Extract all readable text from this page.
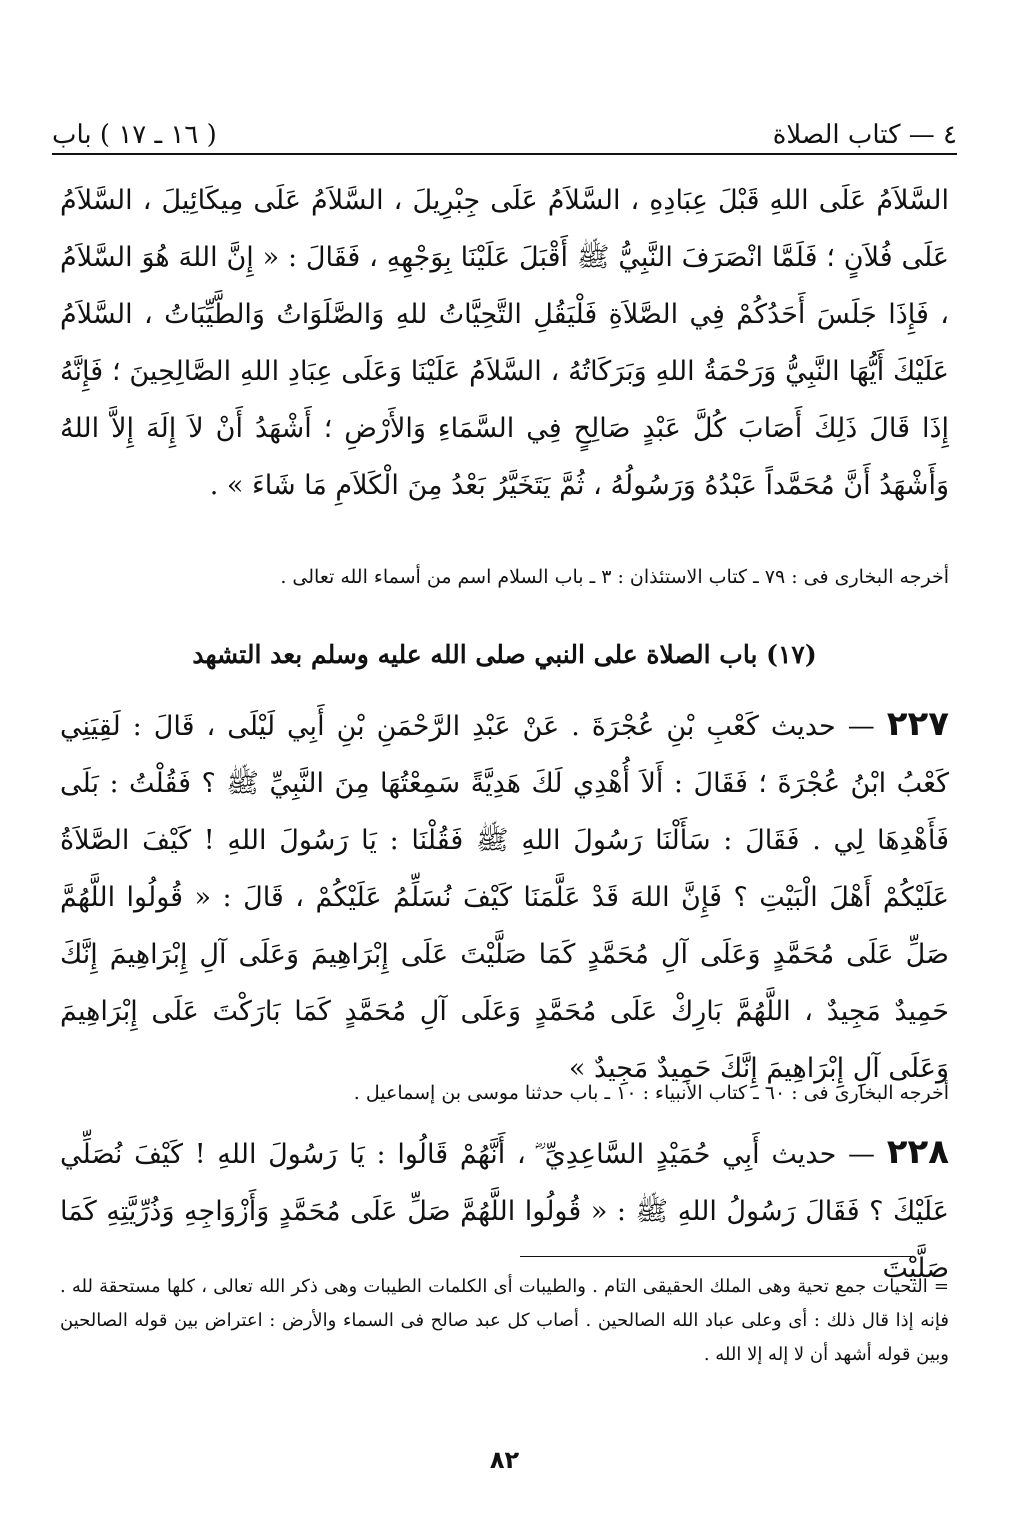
٤ — كتاب الصلاة
( ١٦ ـ ١٧ ) باب
السَّلاَمُ عَلَى اللهِ قَبْلَ عِبَادِهِ ، السَّلاَمُ عَلَى جِبْرِيلَ ، السَّلاَمُ عَلَى مِيكَائِيلَ ، السَّلاَمُ عَلَى فُلاَنٍ ؛ فَلَمَّا انْصَرَفَ النَّبِيُّ ﷺ أَقْبَلَ عَلَيْنَا بِوَجْهِهِ ، فَقَالَ : « إِنَّ اللهَ هُوَ السَّلاَمُ ، فَإِذَا جَلَسَ أَحَدُكُمْ فِي الصَّلاَةِ فَلْيَقُلِ التَّحِيَّاتُ للهِ وَالصَّلَوَاتُ وَالطَّيِّبَاتُ ، السَّلاَمُ عَلَيْكَ أَيُّهَا النَّبِيُّ وَرَحْمَةُ اللهِ وَبَرَكَاتُهُ ، السَّلاَمُ عَلَيْنَا وَعَلَى عِبَادِ اللهِ الصَّالِحِينَ ؛ فَإِنَّهُ إِذَا قَالَ ذَلِكَ أَصَابَ كُلَّ عَبْدٍ صَالِحٍ فِي السَّمَاءِ وَالأَرْضِ ؛ أَشْهَدُ أَنْ لاَ إِلَهَ إِلاَّ اللهُ وَأَشْهَدُ أَنَّ مُحَمَّداً عَبْدُهُ وَرَسُولُهُ ، ثُمَّ يَتَخَيَّرُ بَعْدُ مِنَ الْكَلاَمِ مَا شَاءَ » .
أخرجه البخارى فى : ٧٩ ـ كتاب الاستئذان : ٣ ـ باب السلام اسم من أسماء الله تعالى .
(١٧) باب الصلاة على النبي صلى الله عليه وسلم بعد التشهد
٢٢٧ — حديث كَعْبِ بْنِ عُجْرَةَ . عَنْ عَبْدِ الرَّحْمَنِ بْنِ أَبِي لَيْلَى ، قَالَ : لَقِيَنِي كَعْبُ ابْنُ عُجْرَةَ ؛ فَقَالَ : أَلاَ أُهْدِي لَكَ هَدِيَّةً سَمِعْتُهَا مِنَ النَّبِيِّ ﷺ ؟ فَقُلْتُ : بَلَى فَأَهْدِهَا لِي . فَقَالَ : سَأَلْنَا رَسُولَ اللهِ ﷺ فَقُلْنَا : يَا رَسُولَ اللهِ ! كَيْفَ الصَّلاَةُ عَلَيْكُمْ أَهْلَ الْبَيْتِ ؟ فَإِنَّ اللهَ قَدْ عَلَّمَنَا كَيْفَ نُسَلِّمُ عَلَيْكُمْ ، قَالَ : « قُولُوا اللَّهُمَّ صَلِّ عَلَى مُحَمَّدٍ وَعَلَى آلِ مُحَمَّدٍ كَمَا صَلَّيْتَ عَلَى إِبْرَاهِيمَ وَعَلَى آلِ إِبْرَاهِيمَ إِنَّكَ حَمِيدٌ مَجِيدٌ ، اللَّهُمَّ بَارِكْ عَلَى مُحَمَّدٍ وَعَلَى آلِ مُحَمَّدٍ كَمَا بَارَكْتَ عَلَى إِبْرَاهِيمَ وَعَلَى آلِ إِبْرَاهِيمَ إِنَّكَ حَمِيدٌ مَجِيدٌ »
أخرجه البخارى فى : ٦٠ ـ كتاب الأنبياء : ١٠ ـ باب حدثنا موسى بن إسماعيل .
٢٢٨ — حديث أَبِي حُمَيْدٍ السَّاعِدِيِّ ؓ ، أَنَّهُمْ قَالُوا : يَا رَسُولَ اللهِ ! كَيْفَ نُصَلِّي عَلَيْكَ ؟ فَقَالَ رَسُولُ اللهِ ﷺ : « قُولُوا اللَّهُمَّ صَلِّ عَلَى مُحَمَّدٍ وَأَزْوَاجِهِ وَذُرِّيَّتِهِ كَمَا صَلَّيْتَ
= التحيات جمع تحية وهى الملك الحقيقى التام . والطيبات أى الكلمات الطيبات وهى ذكر الله تعالى ، كلها مستحقة لله . فإنه إذا قال ذلك : أى وعلى عباد الله الصالحين . أصاب كل عبد صالح فى السماء والأرض : اعتراض بين قوله الصالحين وبين قوله أشهد أن لا إله إلا الله .
٨٢
